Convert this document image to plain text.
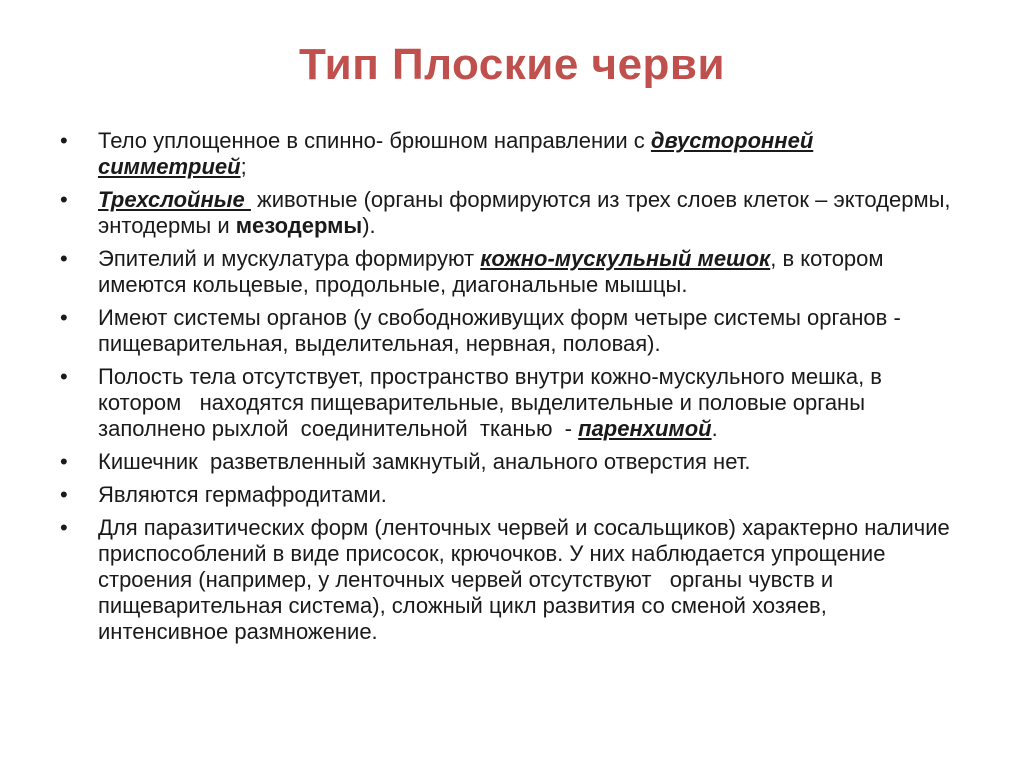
Тип Плоские черви
• Тело уплощенное в спинно- брюшном направлении с двусторонней симметрией;
• Трехслойные  животные (органы формируются из трех слоев клеток – эктодермы, энтодермы и мезодермы).
• Эпителий и мускулатура формируют кожно-мускульный мешок, в котором имеются кольцевые, продольные, диагональные мышцы.
• Имеют системы органов (у свободноживущих форм четыре системы органов -     пищеварительная, выделительная, нервная, половая).
• Полость тела отсутствует, пространство внутри кожно-мускульного мешка, в котором   находятся пищеварительные, выделительные и половые органы заполнено рыхлой  соединительной  тканью  - паренхимой.
• Кишечник  разветвленный замкнутый, анального отверстия нет.
• Являются гермафродитами.
• Для паразитических форм (ленточных червей и сосальщиков) характерно наличие  приспособлений в виде присосок, крючочков. У них наблюдается упрощение строения (например, у ленточных червей отсутствуют   органы чувств и пищеварительная система), сложный цикл развития со сменой хозяев, интенсивное размножение.
